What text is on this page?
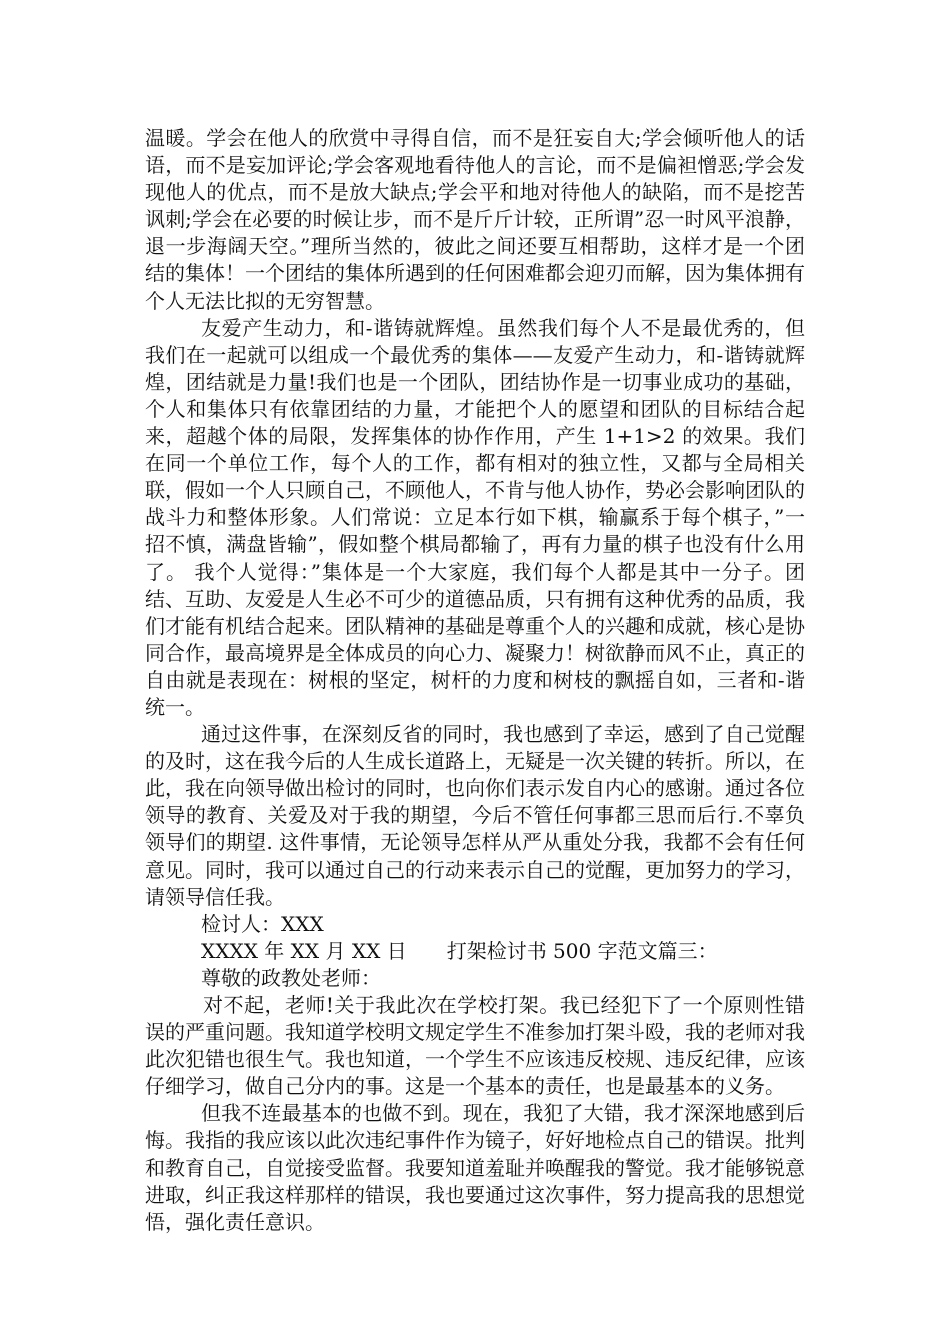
温暖。学会在他人的欣赏中寻得自信，而不是狂妄自大;学会倾听他人的话语，而不是妄加评论;学会客观地看待他人的言论，而不是偏袒憎恶;学会发现他人的优点，而不是放大缺点;学会平和地对待他人的缺陷，而不是挖苦讽刺;学会在必要的时候让步，而不是斤斤计较，正所谓”忍一时风平浪静，退一步海阔天空。”理所当然的，彼此之间还要互相帮助，这样才是一个团结的集体！一个团结的集体所遇到的任何困难都会迎刃而解，因为集体拥有个人无法比拟的无穷智慧。

友爱产生动力，和-谐铸就辉煌。虽然我们每个人不是最优秀的，但我们在一起就可以组成一个最优秀的集体——友爱产生动力，和-谐铸就辉煌，团结就是力量!我们也是一个团队，团结协作是一切事业成功的基础，个人和集体只有依靠团结的力量，才能把个人的愿望和团队的目标结合起来，超越个体的局限，发挥集体的协作作用，产生 1+1>2 的效果。我们在同一个单位工作，每个人的工作，都有相对的独立性，又都与全局相关联，假如一个人只顾自己，不顾他人，不肯与他人协作，势必会影响团队的战斗力和整体形象。人们常说：立足本行如下棋，输赢系于每个棋子，”一招不慎，满盘皆输”，假如整个棋局都输了，再有力量的棋子也没有什么用了。 我个人觉得：”集体是一个大家庭，我们每个人都是其中一分子。团结、互助、友爱是人生必不可少的道德品质，只有拥有这种优秀的品质，我们才能有机结合起来。团队精神的基础是尊重个人的兴趣和成就，核心是协同合作，最高境界是全体成员的向心力、凝聚力！树欲静而风不止，真正的自由就是表现在：树根的坚定，树杆的力度和树枝的飘摇自如，三者和-谐统一。

通过这件事，在深刻反省的同时，我也感到了幸运，感到了自己觉醒的及时，这在我今后的人生成长道路上，无疑是一次关键的转折。所以，在此，我在向领导做出检讨的同时，也向你们表示发自内心的感谢。通过各位领导的教育、关爱及对于我的期望，今后不管任何事都三思而后行.不辜负领导们的期望. 这件事情，无论领导怎样从严从重处分我，我都不会有任何意见。同时，我可以通过自己的行动来表示自己的觉醒，更加努力的学习，请领导信任我。

检讨人：XXX

XXXX 年 XX 月 XX 日　　打架检讨书 500 字范文篇三：

尊敬的政教处老师：

对不起，老师!关于我此次在学校打架。我已经犯下了一个原则性错误的严重问题。我知道学校明文规定学生不准参加打架斗殴，我的老师对我此次犯错也很生气。我也知道，一个学生不应该违反校规、违反纪律，应该仔细学习，做自己分内的事。这是一个基本的责任，也是最基本的义务。

但我不连最基本的也做不到。现在，我犯了大错，我才深深地感到后悔。我指的我应该以此次违纪事件作为镜子，好好地检点自己的错误。批判和教育自己，自觉接受监督。我要知道羞耻并唤醒我的警觉。我才能够锐意进取，纠正我这样那样的错误，我也要通过这次事件，努力提高我的思想觉悟，强化责任意识。
